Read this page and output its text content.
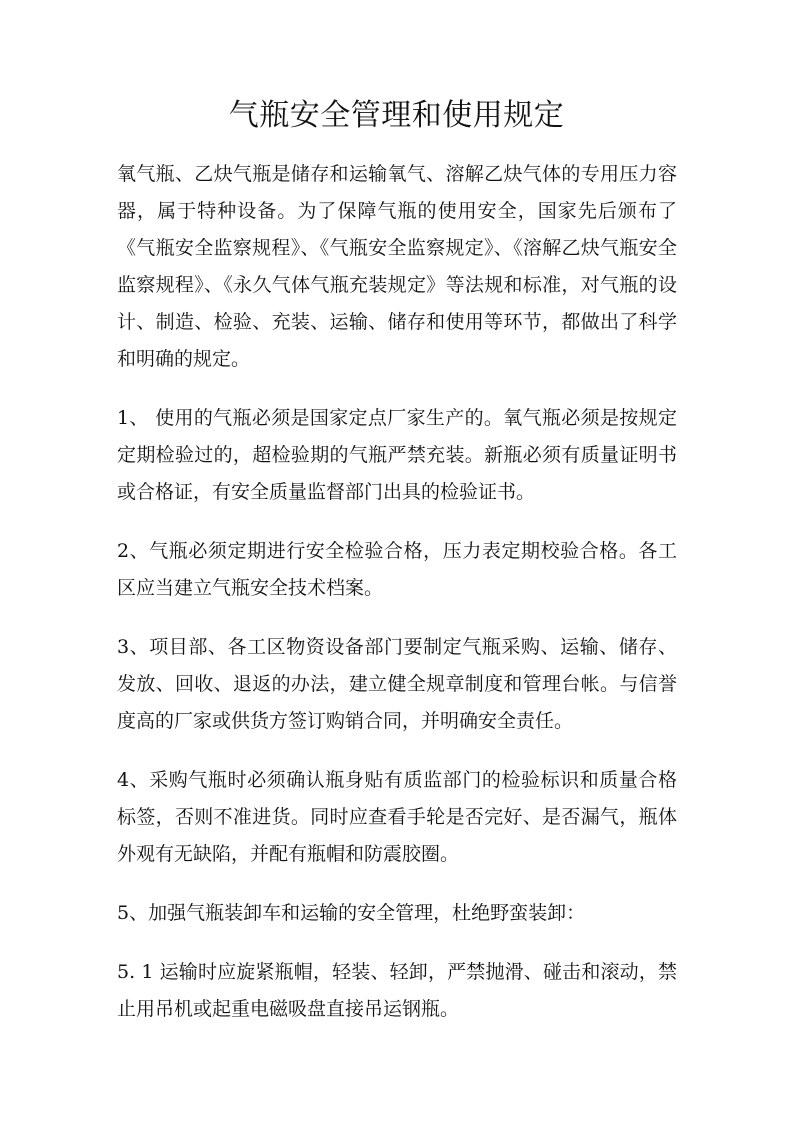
气瓶安全管理和使用规定

氧气瓶、乙炔气瓶是储存和运输氧气、溶解乙炔气体的专用压力容器，属于特种设备。为了保障气瓶的使用安全，国家先后颁布了《气瓶安全监察规程》、《气瓶安全监察规定》、《溶解乙炔气瓶安全监察规程》、《永久气体气瓶充装规定》等法规和标准，对气瓶的设计、制造、检验、充装、运输、储存和使用等环节，都做出了科学和明确的规定。

1、 使用的气瓶必须是国家定点厂家生产的。氧气瓶必须是按规定定期检验过的，超检验期的气瓶严禁充装。新瓶必须有质量证明书或合格证，有安全质量监督部门出具的检验证书。

2、气瓶必须定期进行安全检验合格，压力表定期校验合格。各工区应当建立气瓶安全技术档案。

3、项目部、各工区物资设备部门要制定气瓶采购、运输、储存、发放、回收、退返的办法，建立健全规章制度和管理台帐。与信誉度高的厂家或供货方签订购销合同，并明确安全责任。

4、采购气瓶时必须确认瓶身贴有质监部门的检验标识和质量合格标签，否则不准进货。同时应查看手轮是否完好、是否漏气，瓶体外观有无缺陷，并配有瓶帽和防震胶圈。

5、加强气瓶装卸车和运输的安全管理，杜绝野蛮装卸：

5. 1 运输时应旋紧瓶帽，轻装、轻卸，严禁抛滑、碰击和滚动，禁止用吊机或起重电磁吸盘直接吊运钢瓶。
